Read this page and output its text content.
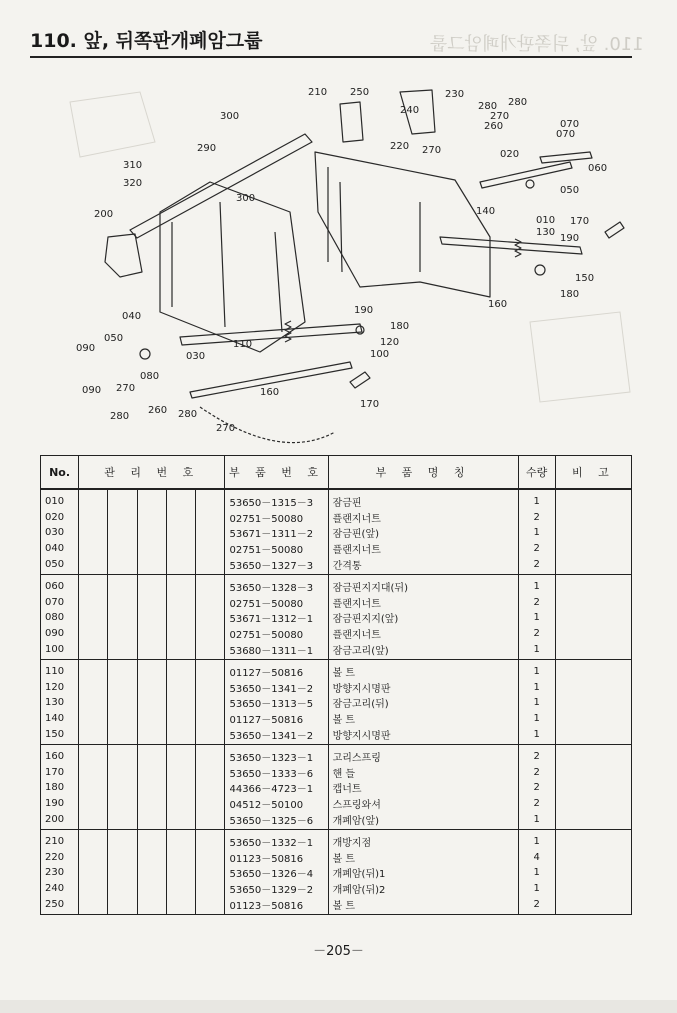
110. 앞, 뒤쪽판개폐암그룹	110. 앞, 뒤쪽판개폐암그룹
250
210	230
240	280 280
270
300
260	070
070
290	220 270	020
060
310
050
320
300
200	140
010 170
130
190
150
180
160
040
190
180
050	120
090	110
100
080
030
090 270	160
170
280
260
280
270
No.	관 리 번 호					부 품 번 호	부 품 명 칭	수량	비 고
010						53650－1315－3	잠금핀	1	
020						02751－50080	플랜지너트	2	
030						53671－1311－2	잠금핀(앞)	1	
040						02751－50080	플랜지너트	2	
050						53650－1327－3	간격통	2	
060						53650－1328－3	잠금핀지지대(뒤)	1	
070						02751－50080	플랜지너트	2	
080						53671－1312－1	잠금핀지지(앞)	1	
090						02751－50080	플랜지너트	2	
100						53680－1311－1	잠금고리(앞)	1	
110						01127－50816	볼 트	1	
120						53650－1341－2	방향지시명판	1	
130						53650－1313－5	잠금고리(뒤)	1	
140						01127－50816	볼 트	1	
150						53650－1341－2	방향지시명판	1	
160						53650－1323－1	고리스프링	2	
170						53650－1333－6	핸 들	2	
180						44366－4723－1	캡너트	2	
190						04512－50100	스프링와셔	2	
200						53650－1325－6	개폐암(앞)	1	
210						53650－1332－1	개방지점	1	
220						01123－50816	볼 트	4	
230						53650－1326－4	개폐암(뒤)1	1	
240						53650－1329－2	개폐암(뒤)2	1	
250						01123－50816	볼 트	2	
－205－
